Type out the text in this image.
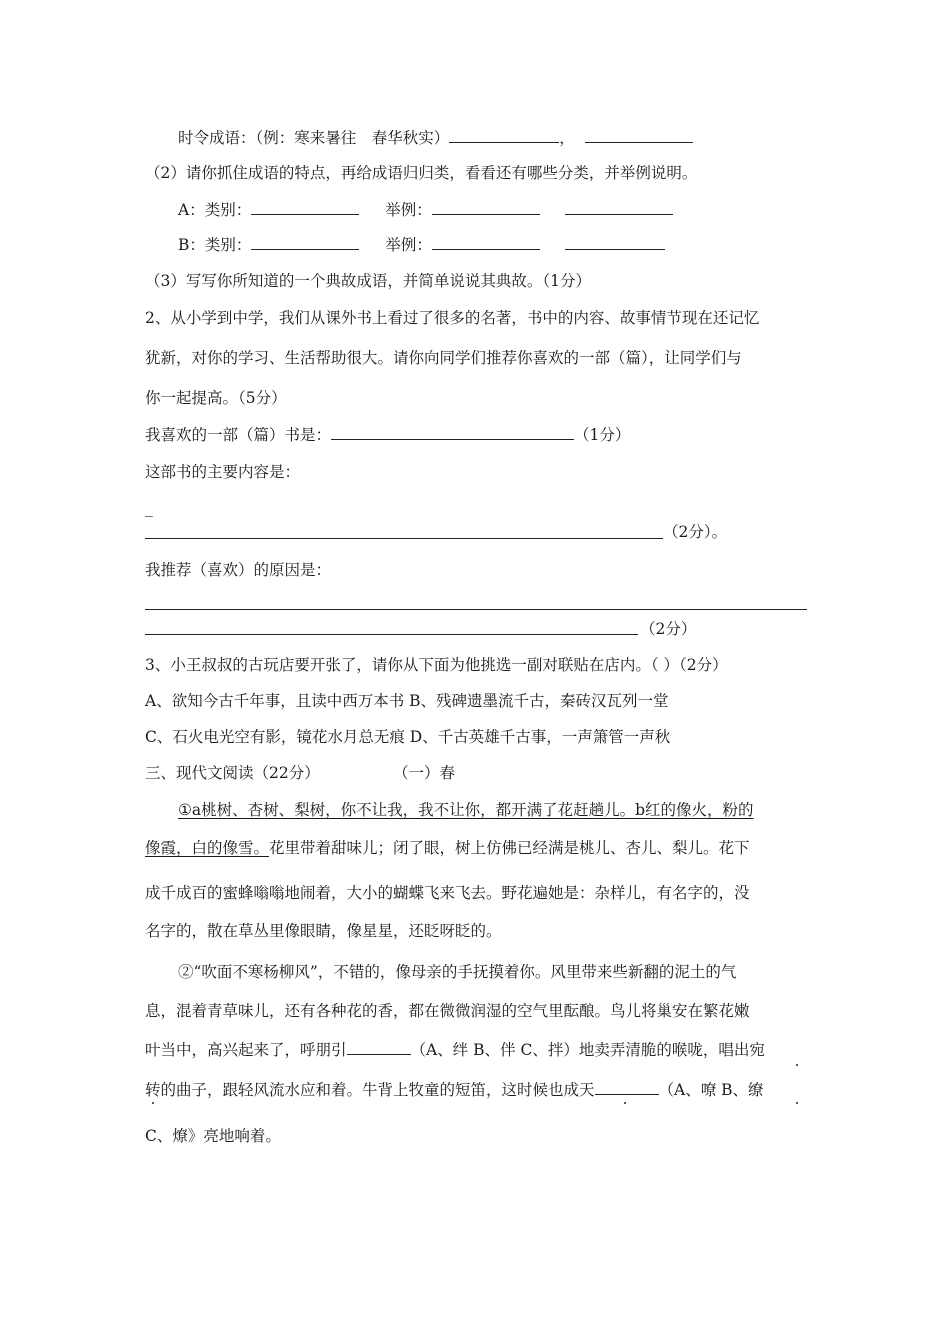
时令成语：（例：寒来暑往　春华秋实）	，
（2）请你抓住成语的特点，再给成语归归类，看看还有哪些分类，并举例说明。
A：类别：	举例：
B：类别：	举例：
（3）写写你所知道的一个典故成语，并简单说说其典故。（1分）
2、从小学到中学，我们从课外书上看过了很多的名著，书中的内容、故事情节现在还记忆
犹新，对你的学习、生活帮助很大。请你向同学们推荐你喜欢的一部（篇），让同学们与
你一起提高。（5分）
我喜欢的一部（篇）书是：	（1分）
这部书的主要内容是：
_
（2分）。
我推荐（喜欢）的原因是：
（2分）
3、小王叔叔的古玩店要开张了，请你从下面为他挑选一副对联贴在店内。（ ）（2分）
A、欲知今古千年事，且读中西万本书 B、残碑遗墨流千古，秦砖汉瓦列一堂
C、石火电光空有影，镜花水月总无痕 D、千古英雄千古事，一声箫管一声秋
三、现代文阅读（22分）	（一）春
①a桃树、杏树、梨树，你不让我，我不让你，都开满了花赶趟儿。b红的像火，粉的
像霞，白的像雪。花里带着甜味儿；闭了眼，树上仿佛已经满是桃儿、杏儿、梨儿。花下
成千成百的蜜蜂嗡嗡地闹着，大小的蝴蝶飞来飞去。野花遍她是：杂样儿，有名字的，没
名字的，散在草丛里像眼睛，像星星，还眨呀眨的。
②“吹面不寒杨柳风”，不错的，像母亲的手抚摸着你。风里带来些新翻的泥土的气
息，混着青草味儿，还有各种花的香，都在微微润湿的空气里酝酿。鸟儿将巢安在繁花嫩
叶当中，高兴起来了，呼朋引	（A、绊 B、伴 C、拌）地卖弄清脆的喉咙，唱出宛
转的曲子，跟轻风流水应和着。牛背上牧童的短笛，这时候也成天	（A、嘹 B、缭
C、燎》亮地响着。
